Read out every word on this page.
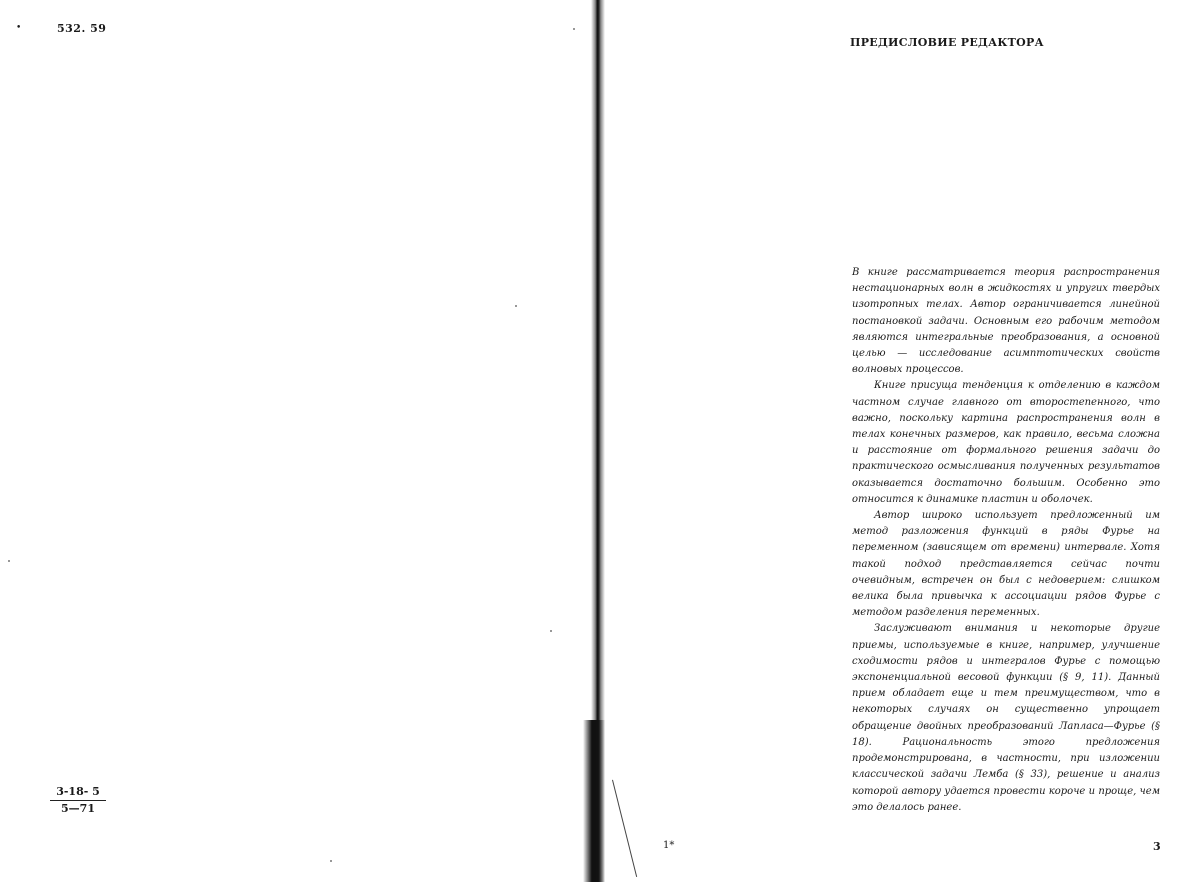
•	532. 59
$\frac{3-18- 5}{5—71}$
ПРЕДИСЛОВИЕ РЕДАКТОРА

В книге рассматривается теория распространения нестационарных волн в жидкостях и упругих твердых изотропных телах. Автор ограничивается линейной постановкой задачи. Основным его рабочим методом являются интегральные преобразования, а основной целью — исследование асимптотических свойств волновых процессов.

Книге присуща тенденция к отделению в каждом частном случае главного от второстепенного, что важно, поскольку картина распространения волн в телах конечных размеров, как правило, весьма сложна и расстояние от формального решения задачи до практического осмысливания полученных результатов оказывается достаточно большим. Особенно это относится к динамике пластин и оболочек.

Автор широко использует предложенный им метод разложения функций в ряды Фурье на переменном (зависящем от времени) интервале. Хотя такой подход представляется сейчас почти очевидным, встречен он был с недоверием: слишком велика была привычка к ассоциации рядов Фурье с методом разделения переменных.

Заслуживают внимания и некоторые другие приемы, используемые в книге, например, улучшение сходимости рядов и интегралов Фурье с помощью экспоненциальной весовой функции (§ 9, 11). Данный прием обладает еще и тем преимуществом, что в некоторых случаях он существенно упрощает обращение двойных преобразований Лапласа—Фурье (§ 18). Рациональность этого предложения продемонстрирована, в частности, при изложении классической задачи Лемба (§ 33), решение и анализ которой автору удается провести короче и проще, чем это делалось ранее.

1*	3
